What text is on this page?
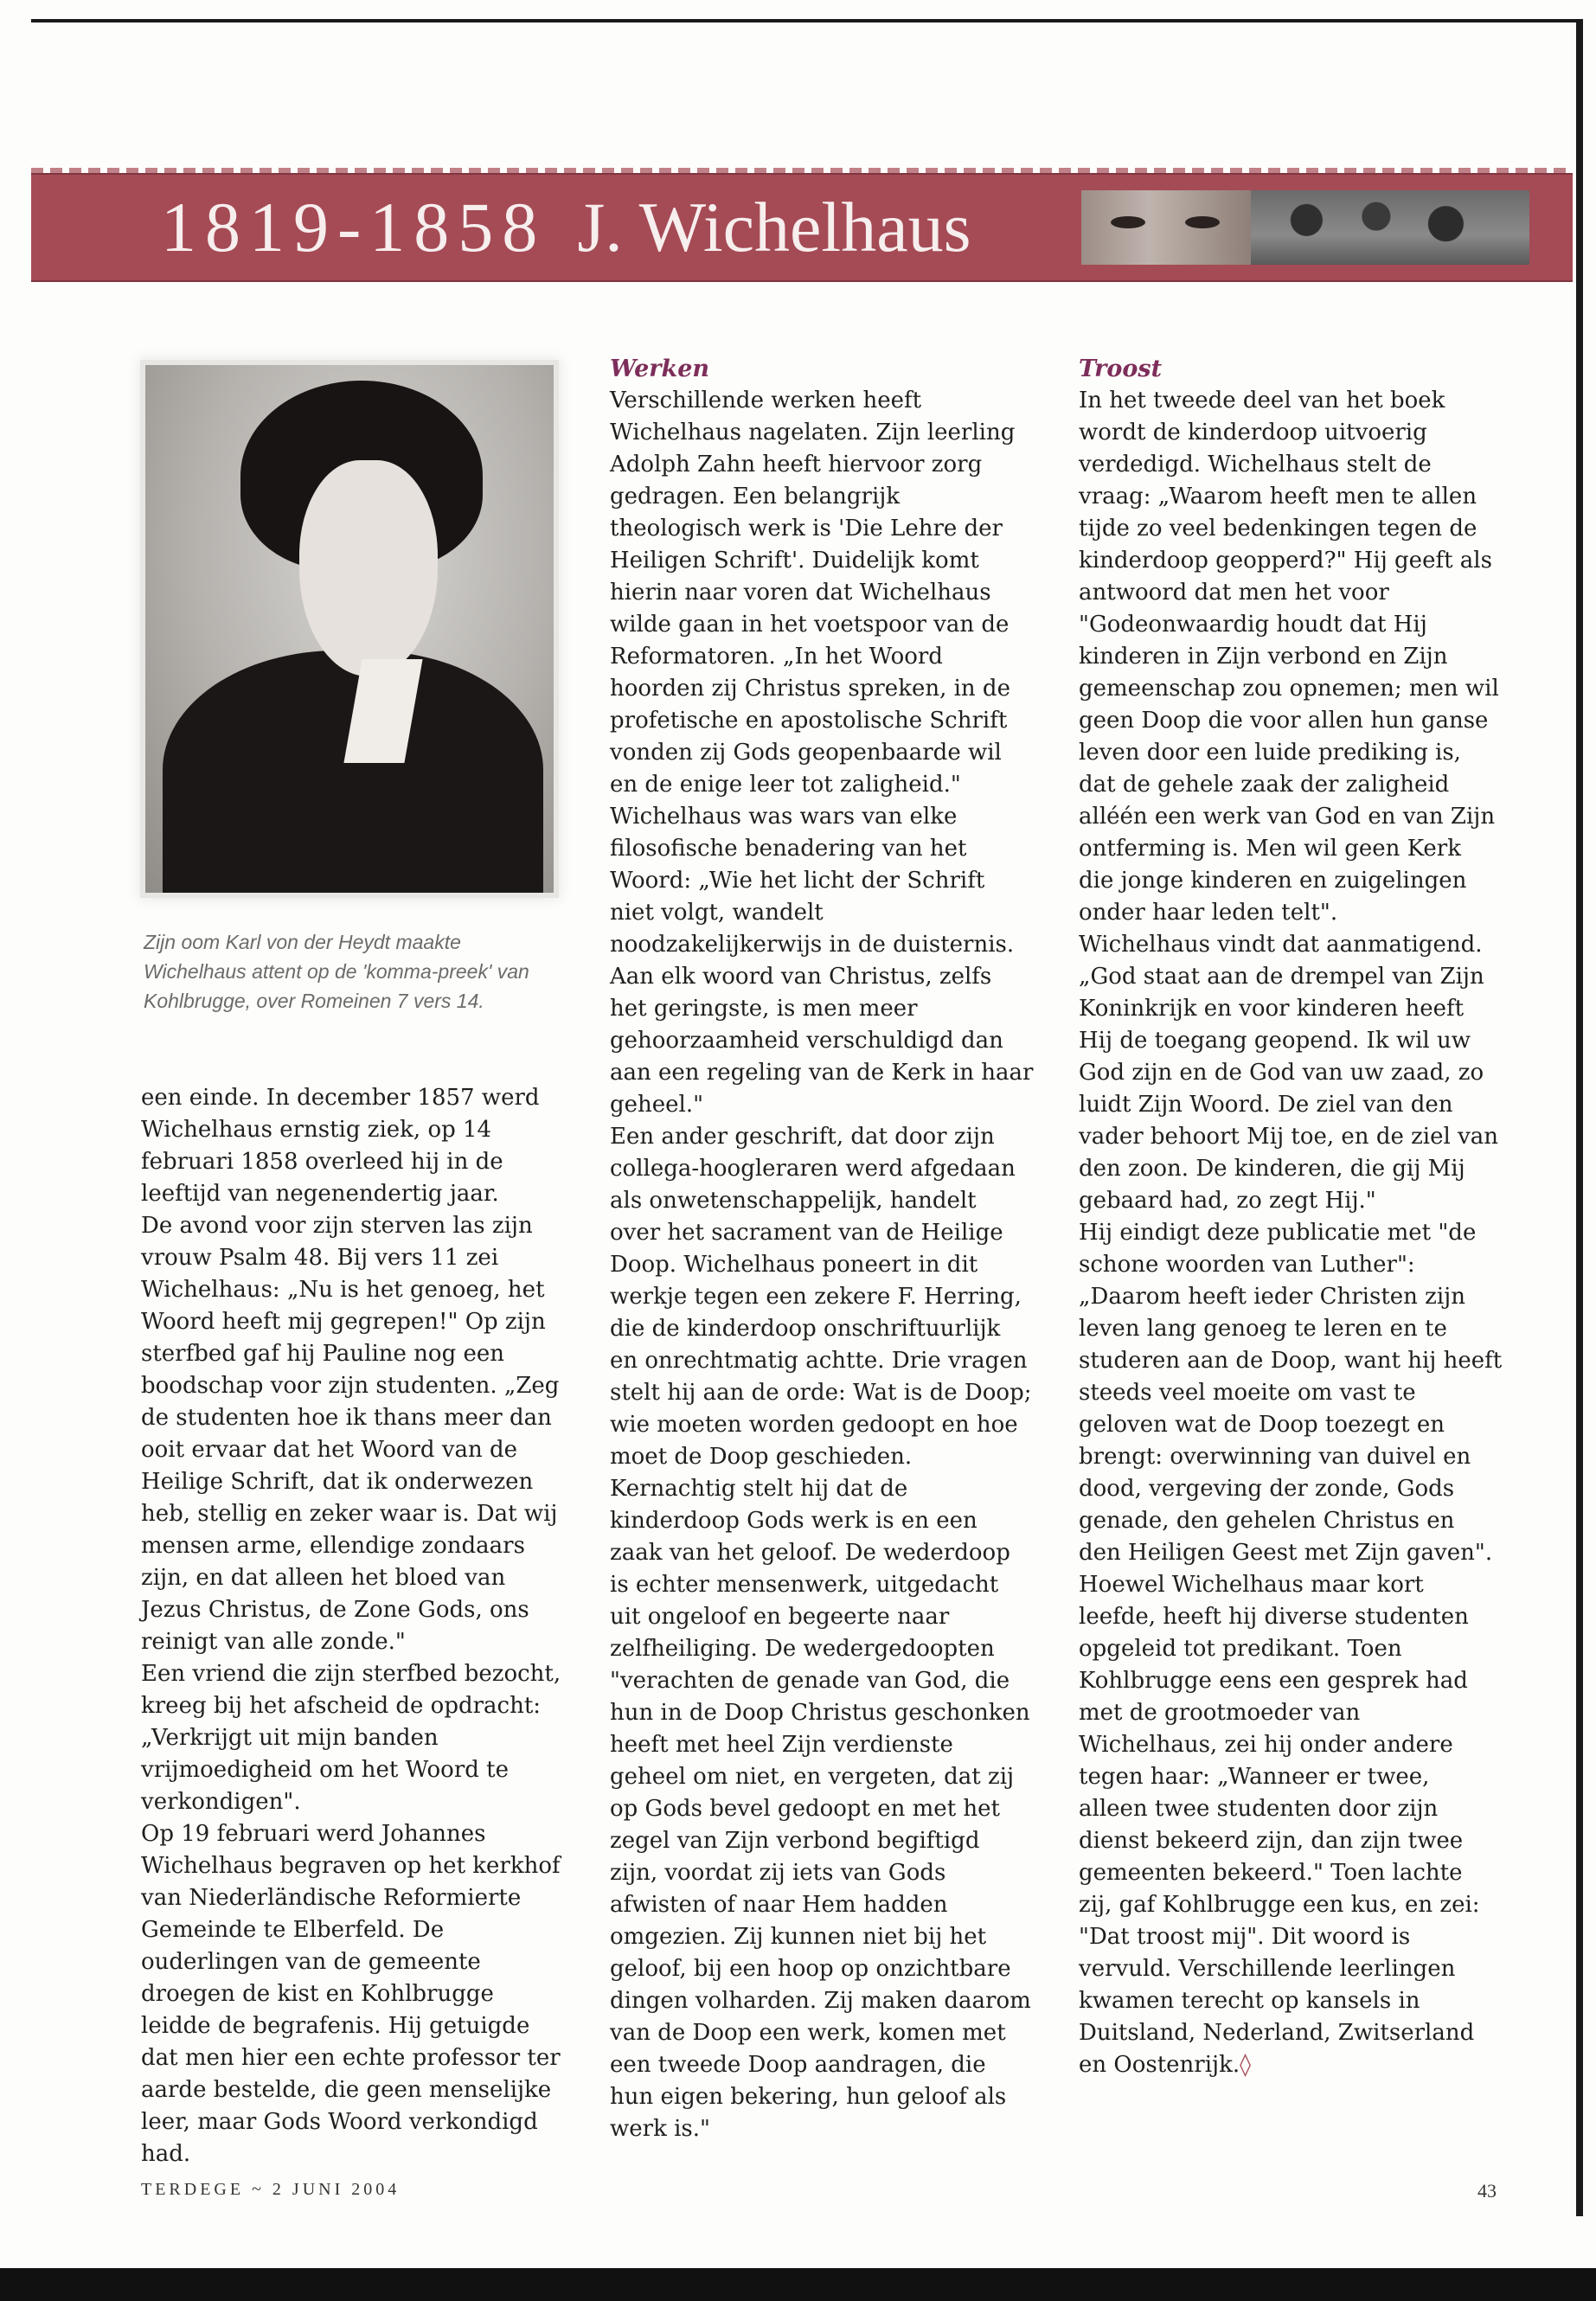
1819-1858 J. Wichelhaus
Zijn oom Karl von der Heydt maakte Wichelhaus attent op de 'komma-preek' van Kohlbrugge, over Romeinen 7 vers 14.

een einde. In december 1857 werd Wichelhaus ernstig ziek, op 14 februari 1858 overleed hij in de leeftijd van negenendertig jaar.

De avond voor zijn sterven las zijn vrouw Psalm 48. Bij vers 11 zei Wichelhaus: „Nu is het genoeg, het Woord heeft mij gegrepen!" Op zijn sterfbed gaf hij Pauline nog een boodschap voor zijn studenten. „Zeg de studenten hoe ik thans meer dan ooit ervaar dat het Woord van de Heilige Schrift, dat ik onderwezen heb, stellig en zeker waar is. Dat wij mensen arme, ellendige zondaars zijn, en dat alleen het bloed van Jezus Christus, de Zone Gods, ons reinigt van alle zonde."

Een vriend die zijn sterfbed bezocht, kreeg bij het afscheid de opdracht: „Verkrijgt uit mijn banden vrijmoedigheid om het Woord te verkondigen".

Op 19 februari werd Johannes Wichelhaus begraven op het kerkhof van Niederländische Reformierte Gemeinde te Elberfeld. De ouderlingen van de gemeente droegen de kist en Kohlbrugge leidde de begrafenis. Hij getuigde dat men hier een echte professor ter aarde bestelde, die geen menselijke leer, maar Gods Woord verkondigd had.

Werken

Verschillende werken heeft Wichelhaus nagelaten. Zijn leerling Adolph Zahn heeft hiervoor zorg gedragen. Een belangrijk theologisch werk is 'Die Lehre der Heiligen Schrift'. Duidelijk komt hierin naar voren dat Wichelhaus wilde gaan in het voetspoor van de Reformatoren. „In het Woord hoorden zij Christus spreken, in de profetische en apostolische Schrift vonden zij Gods geopenbaarde wil en de enige leer tot zaligheid."

Wichelhaus was wars van elke filosofische benadering van het Woord: „Wie het licht der Schrift niet volgt, wandelt noodzakelijkerwijs in de duisternis. Aan elk woord van Christus, zelfs het geringste, is men meer gehoorzaamheid verschuldigd dan aan een regeling van de Kerk in haar geheel."

Een ander geschrift, dat door zijn collega-hoogleraren werd afgedaan als onwetenschappelijk, handelt over het sacrament van de Heilige Doop. Wichelhaus poneert in dit werkje tegen een zekere F. Herring, die de kinderdoop onschriftuurlijk en onrechtmatig achtte. Drie vragen stelt hij aan de orde: Wat is de Doop; wie moeten worden gedoopt en hoe moet de Doop geschieden. Kernachtig stelt hij dat de kinderdoop Gods werk is en een zaak van het geloof. De wederdoop is echter mensenwerk, uitgedacht uit ongeloof en begeerte naar zelfheiliging. De wedergedoopten "verachten de genade van God, die hun in de Doop Christus geschonken heeft met heel Zijn verdienste geheel om niet, en vergeten, dat zij op Gods bevel gedoopt en met het zegel van Zijn verbond begiftigd zijn, voordat zij iets van Gods afwisten of naar Hem hadden omgezien. Zij kunnen niet bij het geloof, bij een hoop op onzichtbare dingen volharden. Zij maken daarom van de Doop een werk, komen met een tweede Doop aandragen, die hun eigen bekering, hun geloof als werk is."

Troost

In het tweede deel van het boek wordt de kinderdoop uitvoerig verdedigd. Wichelhaus stelt de vraag: „Waarom heeft men te allen tijde zo veel bedenkingen tegen de kinderdoop geopperd?" Hij geeft als antwoord dat men het voor "Godeonwaardig houdt dat Hij kinderen in Zijn verbond en Zijn gemeenschap zou opnemen; men wil geen Doop die voor allen hun ganse leven door een luide prediking is, dat de gehele zaak der zaligheid alléén een werk van God en van Zijn ontferming is. Men wil geen Kerk die jonge kinderen en zuigelingen onder haar leden telt".

Wichelhaus vindt dat aanmatigend. „God staat aan de drempel van Zijn Koninkrijk en voor kinderen heeft Hij de toegang geopend. Ik wil uw God zijn en de God van uw zaad, zo luidt Zijn Woord. De ziel van den vader behoort Mij toe, en de ziel van den zoon. De kinderen, die gij Mij gebaard had, zo zegt Hij."

Hij eindigt deze publicatie met "de schone woorden van Luther": „Daarom heeft ieder Christen zijn leven lang genoeg te leren en te studeren aan de Doop, want hij heeft steeds veel moeite om vast te geloven wat de Doop toezegt en brengt: overwinning van duivel en dood, vergeving der zonde, Gods genade, den gehelen Christus en den Heiligen Geest met Zijn gaven".

Hoewel Wichelhaus maar kort leefde, heeft hij diverse studenten opgeleid tot predikant. Toen Kohlbrugge eens een gesprek had met de grootmoeder van Wichelhaus, zei hij onder andere tegen haar: „Wanneer er twee, alleen twee studenten door zijn dienst bekeerd zijn, dan zijn twee gemeenten bekeerd." Toen lachte zij, gaf Kohlbrugge een kus, en zei: "Dat troost mij". Dit woord is vervuld. Verschillende leerlingen kwamen terecht op kansels in Duitsland, Nederland, Zwitserland en Oostenrijk.◊

TERDEGE ~ 2 JUNI 2004	43
